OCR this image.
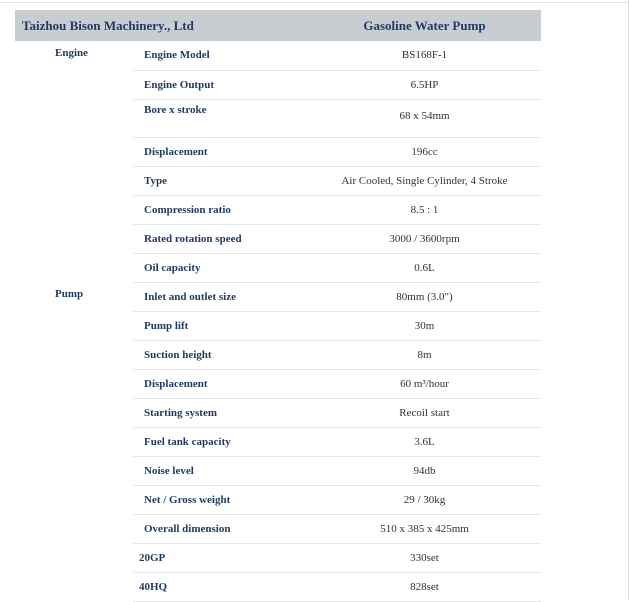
Taizhou Bison Machinery., Ltd		Gasoline Water Pump
Engine	Engine Model	BS168F-1
	Engine Output	6.5HP
	Bore x stroke	68 x 54mm
	Displacement	196cc
	Type	Air Cooled, Single Cylinder, 4 Stroke
	Compression ratio	8.5 : 1
	Rated rotation speed	3000 / 3600rpm
	Oil capacity	0.6L
Pump	Inlet and outlet size	80mm (3.0")
	Pump lift	30m
	Suction height	8m
	Displacement	60 m³/hour
	Starting system	Recoil start
	Fuel tank capacity	3.6L
	Noise level	94db
	Net / Gross weight	29 / 30kg
	Overall dimension	510 x 385 x 425mm
	20GP	330set
	40HQ	828set
